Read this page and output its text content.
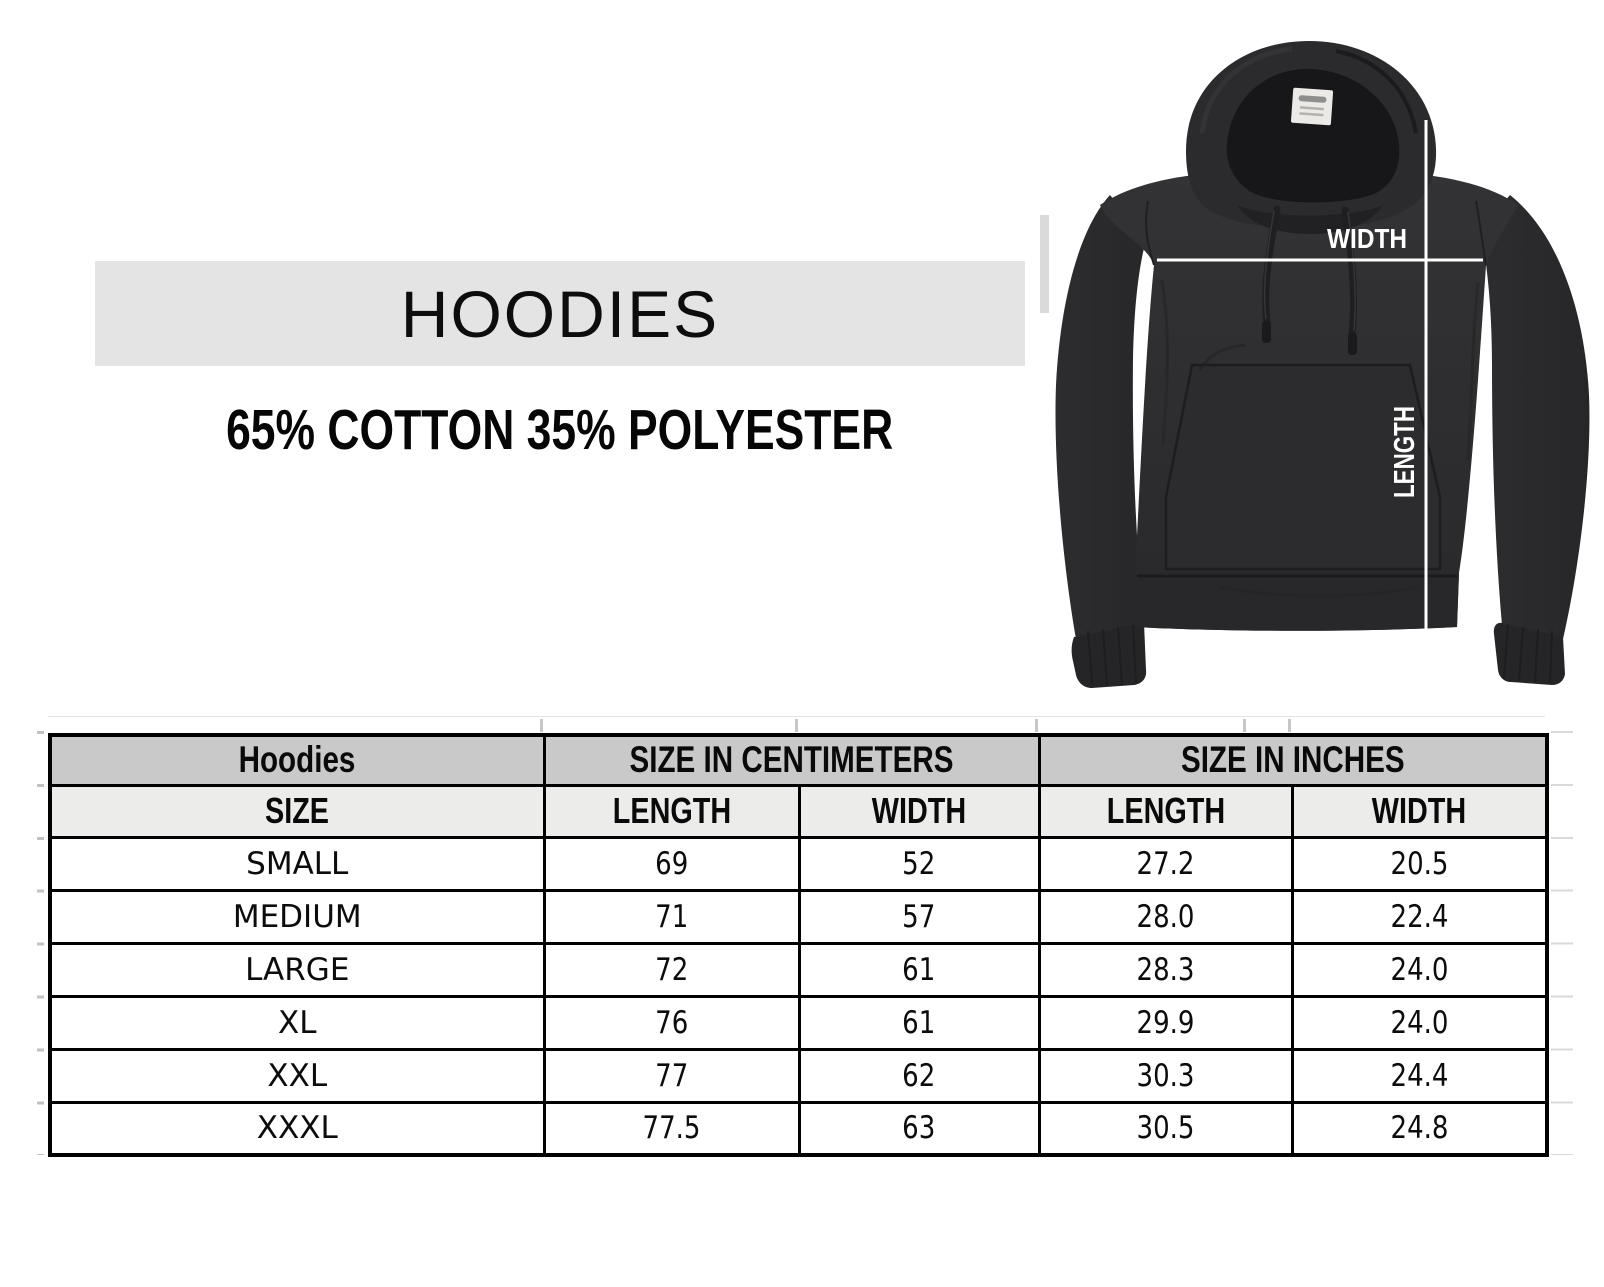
HOODIES
65% COTTON 35% POLYESTER
WIDTH
LENGTH
Hoodies	SIZE IN CENTIMETERS		SIZE IN INCHES	
SIZE	LENGTH	WIDTH	LENGTH	WIDTH
SMALL	69	52	27.2	20.5
MEDIUM	71	57	28.0	22.4
LARGE	72	61	28.3	24.0
XL	76	61	29.9	24.0
XXL	77	62	30.3	24.4
XXXL	77.5	63	30.5	24.8
